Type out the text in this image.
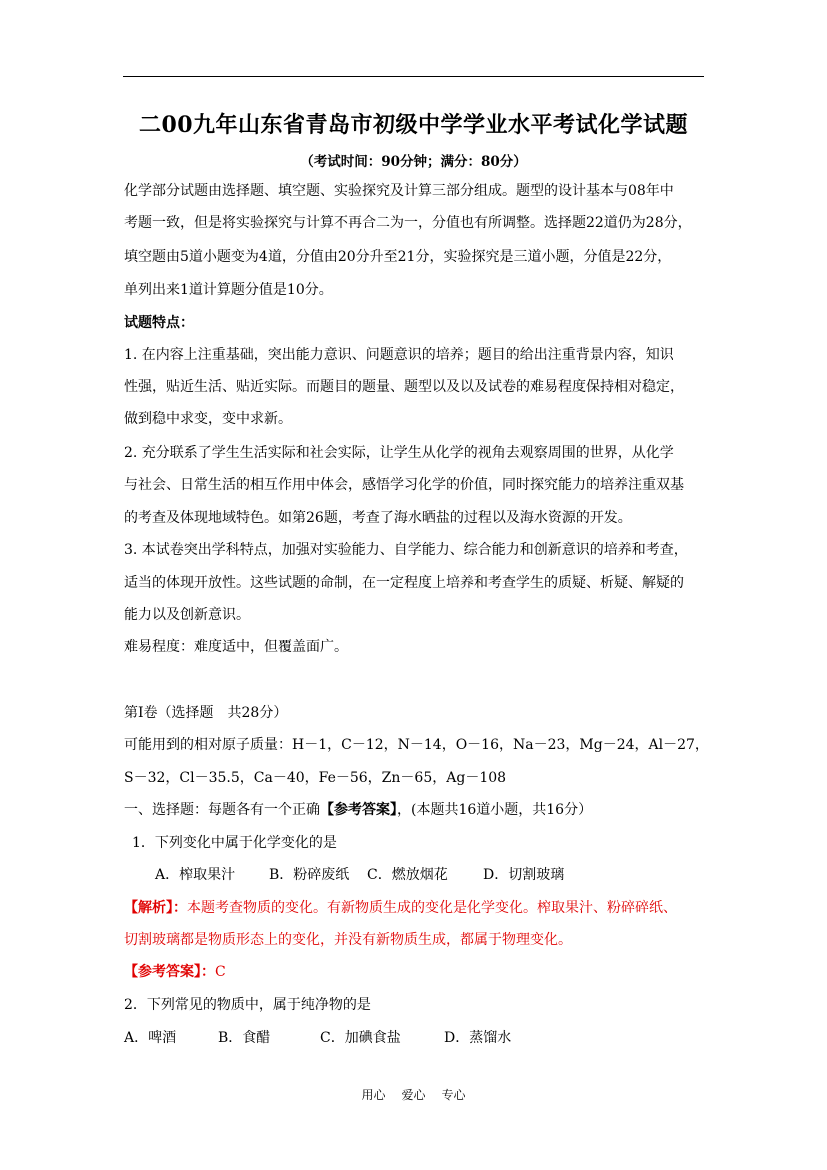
二00九年山东省青岛市初级中学学业水平考试化学试题
（考试时间：90分钟；满分：80分）
化学部分试题由选择题、填空题、实验探究及计算三部分组成。题型的设计基本与08年中
考题一致，但是将实验探究与计算不再合二为一，分值也有所调整。选择题22道仍为28分，
填空题由5道小题变为4道，分值由20分升至21分，实验探究是三道小题，分值是22分，
单列出来1道计算题分值是10分。
试题特点：
1. 在内容上注重基础，突出能力意识、问题意识的培养；题目的给出注重背景内容，知识
性强，贴近生活、贴近实际。而题目的题量、题型以及以及试卷的难易程度保持相对稳定，
做到稳中求变，变中求新。
2. 充分联系了学生生活实际和社会实际，让学生从化学的视角去观察周围的世界，从化学
与社会、日常生活的相互作用中体会，感悟学习化学的价值，同时探究能力的培养注重双基
的考查及体现地域特色。如第26题，考查了海水晒盐的过程以及海水资源的开发。
3. 本试卷突出学科特点，加强对实验能力、自学能力、综合能力和创新意识的培养和考查，
适当的体现开放性。这些试题的命制，在一定程度上培养和考查学生的质疑、析疑、解疑的
能力以及创新意识。
难易程度：难度适中，但覆盖面广。
第Ⅰ卷（选择题　共28分）
可能用到的相对原子质量：H－1，C－12，N－14，O－16，Na－23，Mg－24，Al－27，
S－32，Cl－35.5，Ca－40，Fe－56，Zn－65，Ag－108
一、选择题：每题各有一个正确【参考答案】，(本题共16道小题，共16分）
1．下列变化中属于化学变化的是
A．榨取果汁 B．粉碎废纸 C．燃放烟花	D．切割玻璃
【解析】：本题考查物质的变化。有新物质生成的变化是化学变化。榨取果汁、粉碎碎纸、
切割玻璃都是物质形态上的变化，并没有新物质生成，都属于物理变化。
【参考答案】：C
2．下列常见的物质中，属于纯净物的是
A．啤酒	B．食醋	C．加碘食盐	D．蒸馏水
用心 爱心 专心
